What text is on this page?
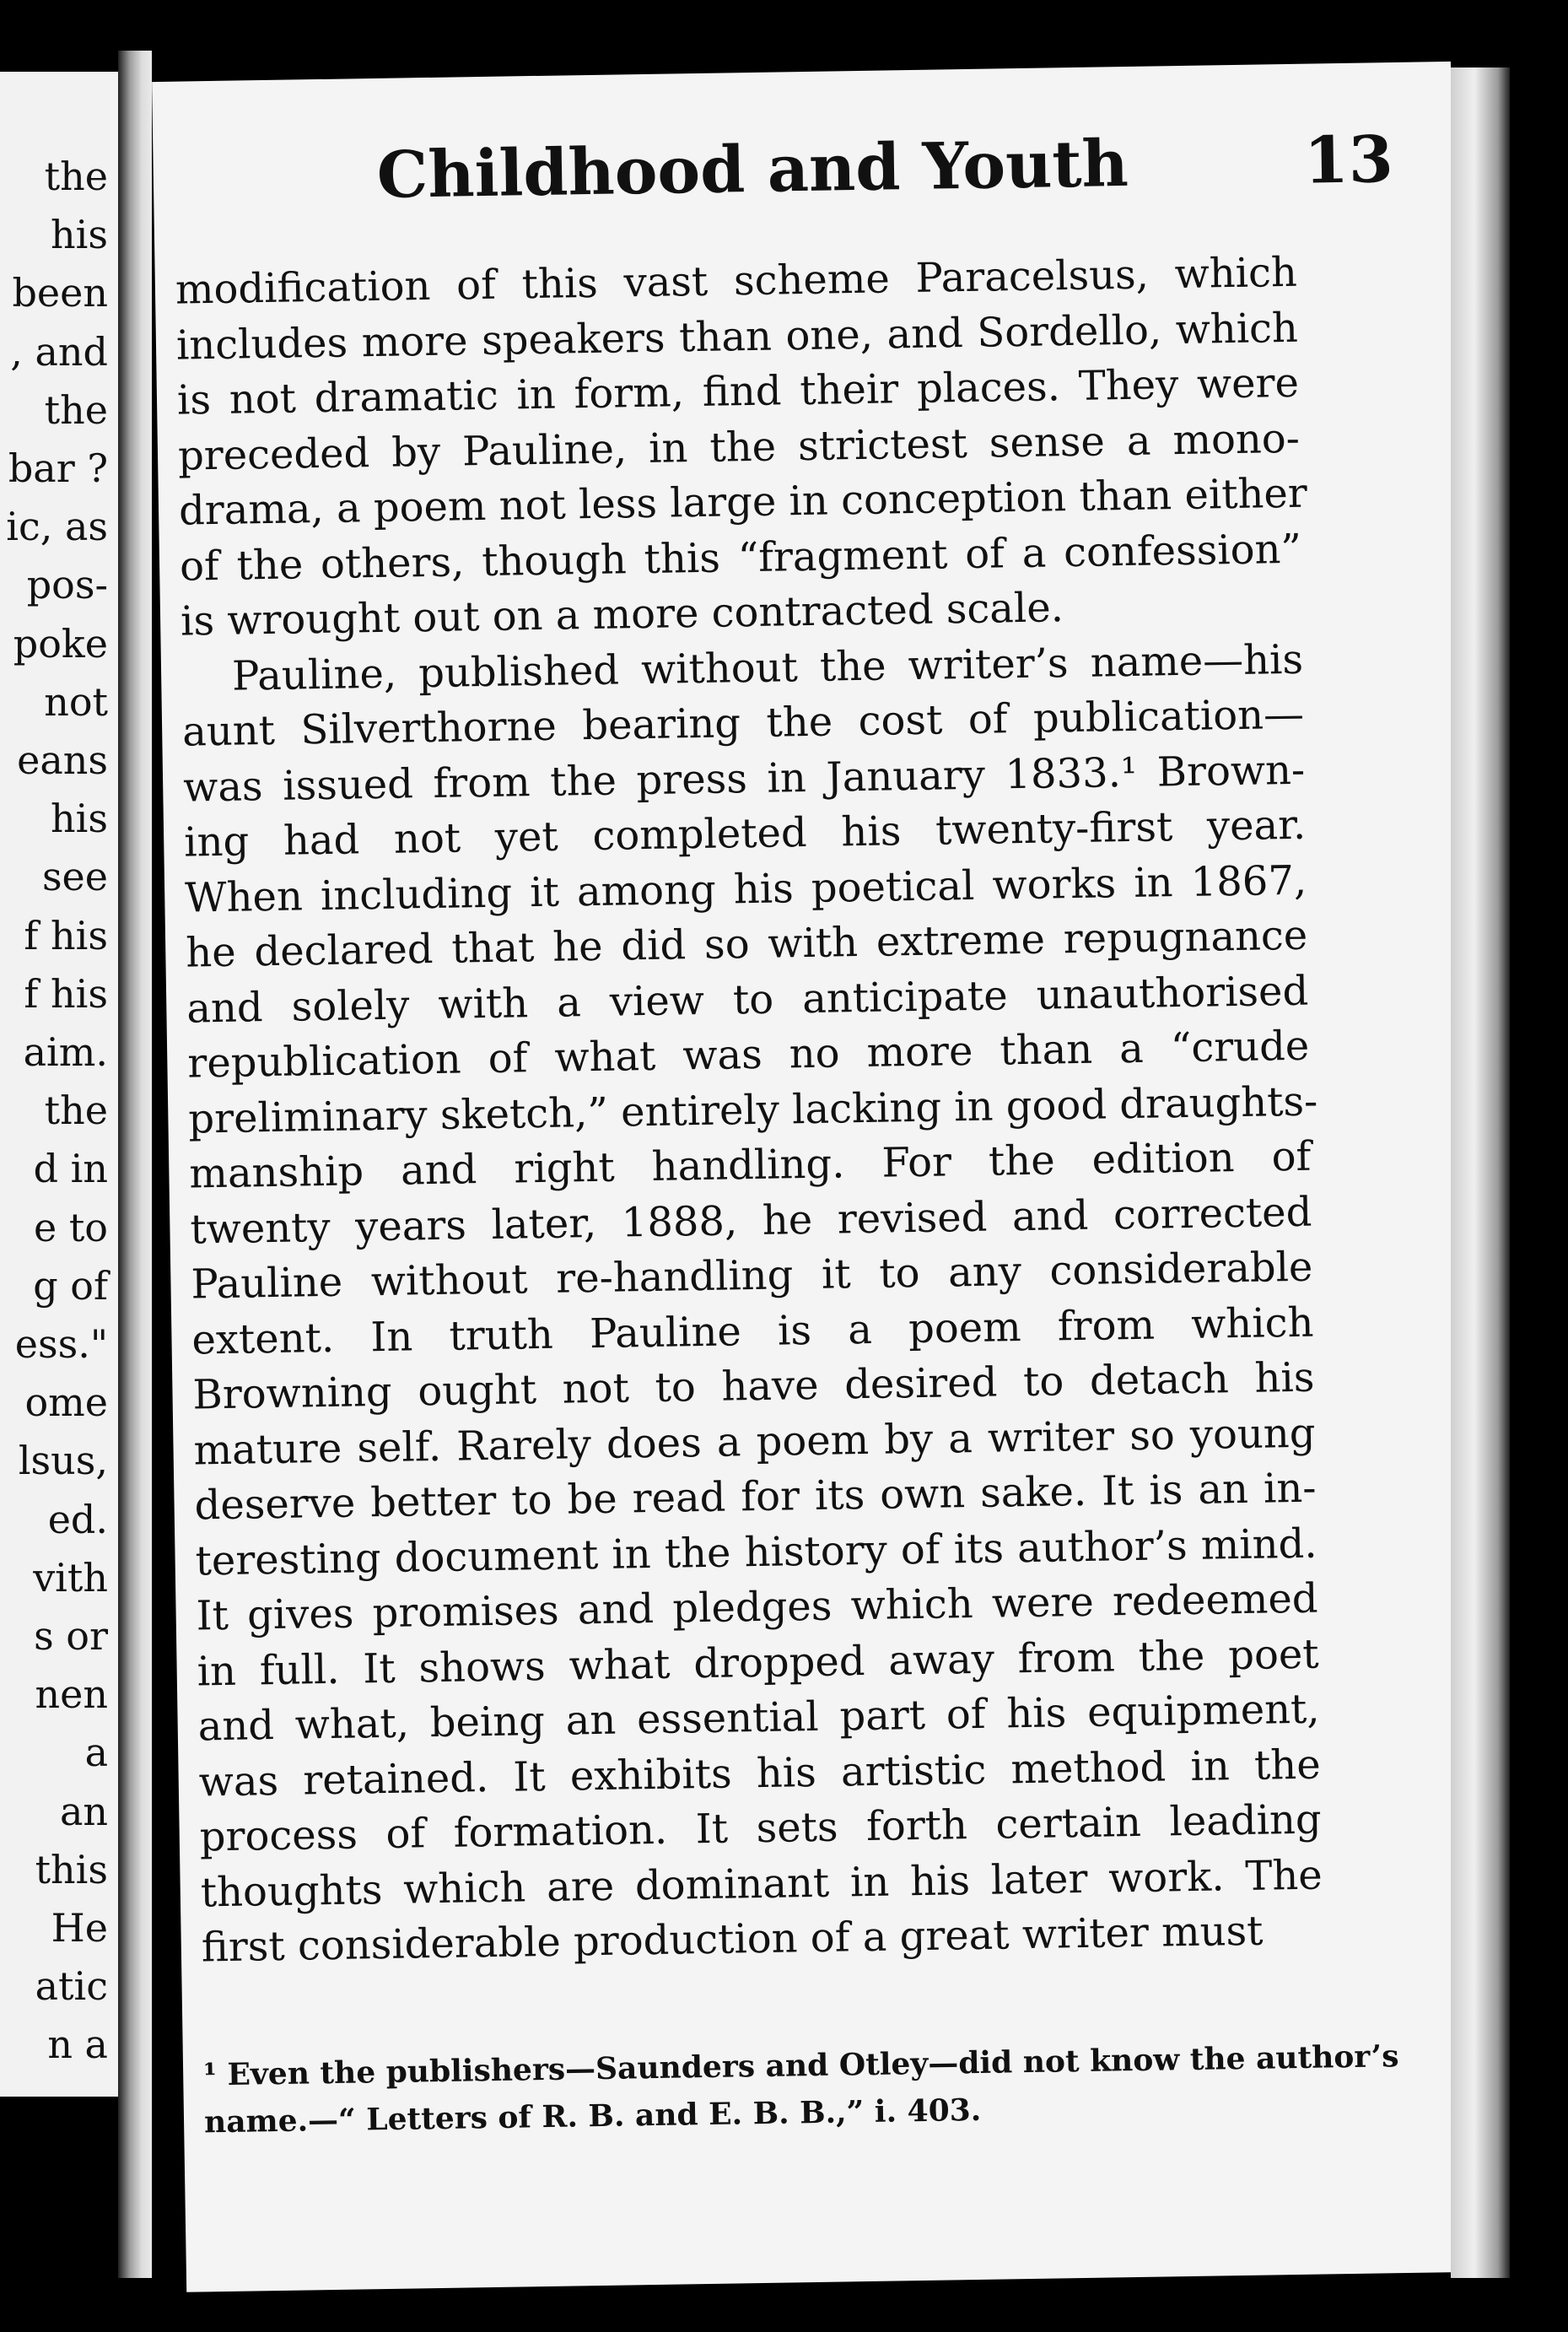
the
his
been
, and
the
bar ?
ic, as
pos-
poke
not
eans
his
see
f his
f his
aim.
the
d in
e to
g of
ess."
ome
lsus,
ed.
vith
s or
nen
a
an
this
He
atic
n a
Childhood and Youth	13
modification of this vast scheme Paracelsus, which
includes more speakers than one, and Sordello, which
is not dramatic in form, find their places. They were
preceded by Pauline, in the strictest sense a mono-
drama, a poem not less large in conception than either
of the others, though this “fragment of a confession”
is wrought out on a more contracted scale.
Pauline, published without the writer’s name—his
aunt Silverthorne bearing the cost of publication—
was issued from the press in January 1833.¹ Brown-
ing had not yet completed his twenty-first year.
When including it among his poetical works in 1867,
he declared that he did so with extreme repugnance
and solely with a view to anticipate unauthorised
republication of what was no more than a “crude
preliminary sketch,” entirely lacking in good draughts-
manship and right handling. For the edition of
twenty years later, 1888, he revised and corrected
Pauline without re-handling it to any considerable
extent. In truth Pauline is a poem from which
Browning ought not to have desired to detach his
mature self. Rarely does a poem by a writer so young
deserve better to be read for its own sake. It is an in-
teresting document in the history of its author’s mind.
It gives promises and pledges which were redeemed
in full. It shows what dropped away from the poet
and what, being an essential part of his equipment,
was retained. It exhibits his artistic method in the
process of formation. It sets forth certain leading
thoughts which are dominant in his later work. The
first considerable production of a great writer must
¹ Even the publishers—Saunders and Otley—did not know the author’s
name.—“ Letters of R. B. and E. B. B.,” i. 403.
